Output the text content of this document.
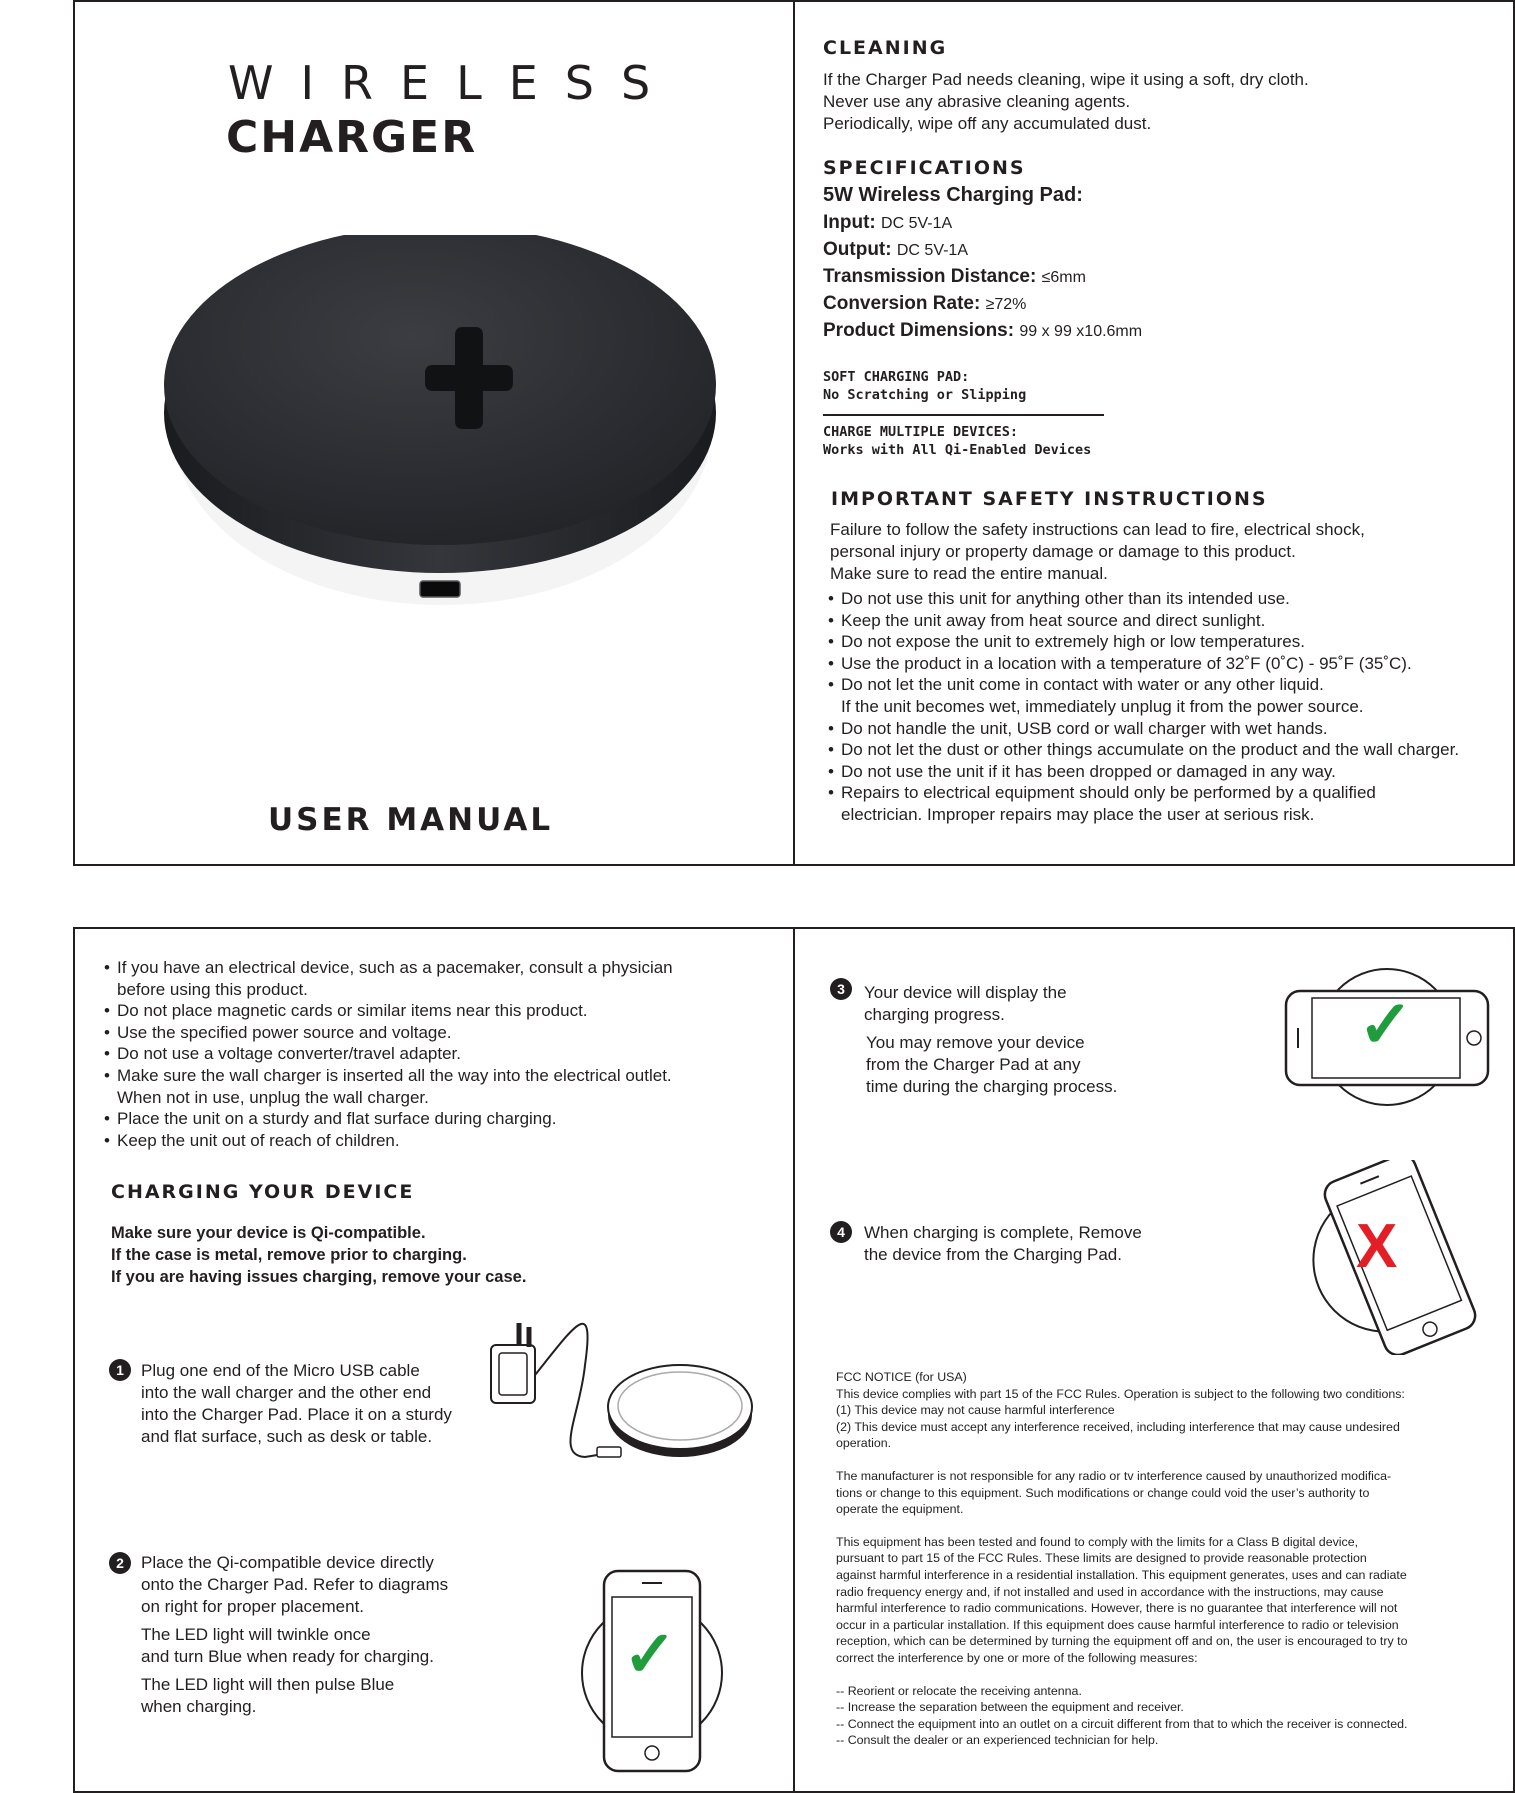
WIRELESS
CHARGER
USER MANUAL
CLEANING
If the Charger Pad needs cleaning, wipe it using a soft, dry cloth.
Never use any abrasive cleaning agents.
Periodically, wipe off any accumulated dust.
SPECIFICATIONS
5W Wireless Charging Pad:
Input: DC 5V-1A
Output: DC 5V-1A
Transmission Distance: ≤6mm
Conversion Rate: ≥72%
Product Dimensions: 99 x 99 x10.6mm
SOFT CHARGING PAD:
No Scratching or Slipping
CHARGE MULTIPLE DEVICES:
Works with All Qi-Enabled Devices
IMPORTANT SAFETY INSTRUCTIONS
Failure to follow the safety instructions can lead to fire, electrical shock,
personal injury or property damage or damage to this product.
Make sure to read the entire manual.
• Do not use this unit for anything other than its intended use.
• Keep the unit away from heat source and direct sunlight.
• Do not expose the unit to extremely high or low temperatures.
• Use the product in a location with a temperature of 32˚F (0˚C) - 95˚F (35˚C).
• Do not let the unit come in contact with water or any other liquid.
If the unit becomes wet, immediately unplug it from the power source.
• Do not handle the unit, USB cord or wall charger with wet hands.
• Do not let the dust or other things accumulate on the product and the wall charger.
• Do not use the unit if it has been dropped or damaged in any way.
• Repairs to electrical equipment should only be performed by a qualified
electrician. Improper repairs may place the user at serious risk.
• If you have an electrical device, such as a pacemaker, consult a physician
before using this product.
• Do not place magnetic cards or similar items near this product.
• Use the specified power source and voltage.
• Do not use a voltage converter/travel adapter.
• Make sure the wall charger is inserted all the way into the electrical outlet.
When not in use, unplug the wall charger.
• Place the unit on a sturdy and flat surface during charging.
• Keep the unit out of reach of children.
CHARGING YOUR DEVICE
Make sure your device is Qi-compatible.
If the case is metal, remove prior to charging.
If you are having issues charging, remove your case.
1	Plug one end of the Micro USB cable
into the wall charger and the other end
into the Charger Pad. Place it on a sturdy
and flat surface, such as desk or table.
2	Place the Qi-compatible device directly
onto the Charger Pad. Refer to diagrams
on right for proper placement.
The LED light will twinkle once
and turn Blue when ready for charging.
The LED light will then pulse Blue
when charging.
✓
3	Your device will display the
charging progress.
You may remove your device
from the Charger Pad at any
time during the charging process.
✓
4	When charging is complete, Remove
the device from the Charging Pad.	X
FCC NOTICE (for USA)

This device complies with part 15 of the FCC Rules. Operation is subject to the following two conditions:
(1) This device may not cause harmful interference
(2) This device must accept any interference received, including interference that may cause undesired
operation.

The manufacturer is not responsible for any radio or tv interference caused by unauthorized modifica-
tions or change to this equipment. Such modifications or change could void the user’s authority to
operate the equipment.

This equipment has been tested and found to comply with the limits for a Class B digital device,
pursuant to part 15 of the FCC Rules. These limits are designed to provide reasonable protection
against harmful interference in a residential installation. This equipment generates, uses and can radiate
radio frequency energy and, if not installed and used in accordance with the instructions, may cause
harmful interference to radio communications. However, there is no guarantee that interference will not
occur in a particular installation. If this equipment does cause harmful interference to radio or television
reception, which can be determined by turning the equipment off and on, the user is encouraged to try to
correct the interference by one or more of the following measures:

-- Reorient or relocate the receiving antenna.
-- Increase the separation between the equipment and receiver.
-- Connect the equipment into an outlet on a circuit different from that to which the receiver is connected.
-- Consult the dealer or an experienced technician for help.
